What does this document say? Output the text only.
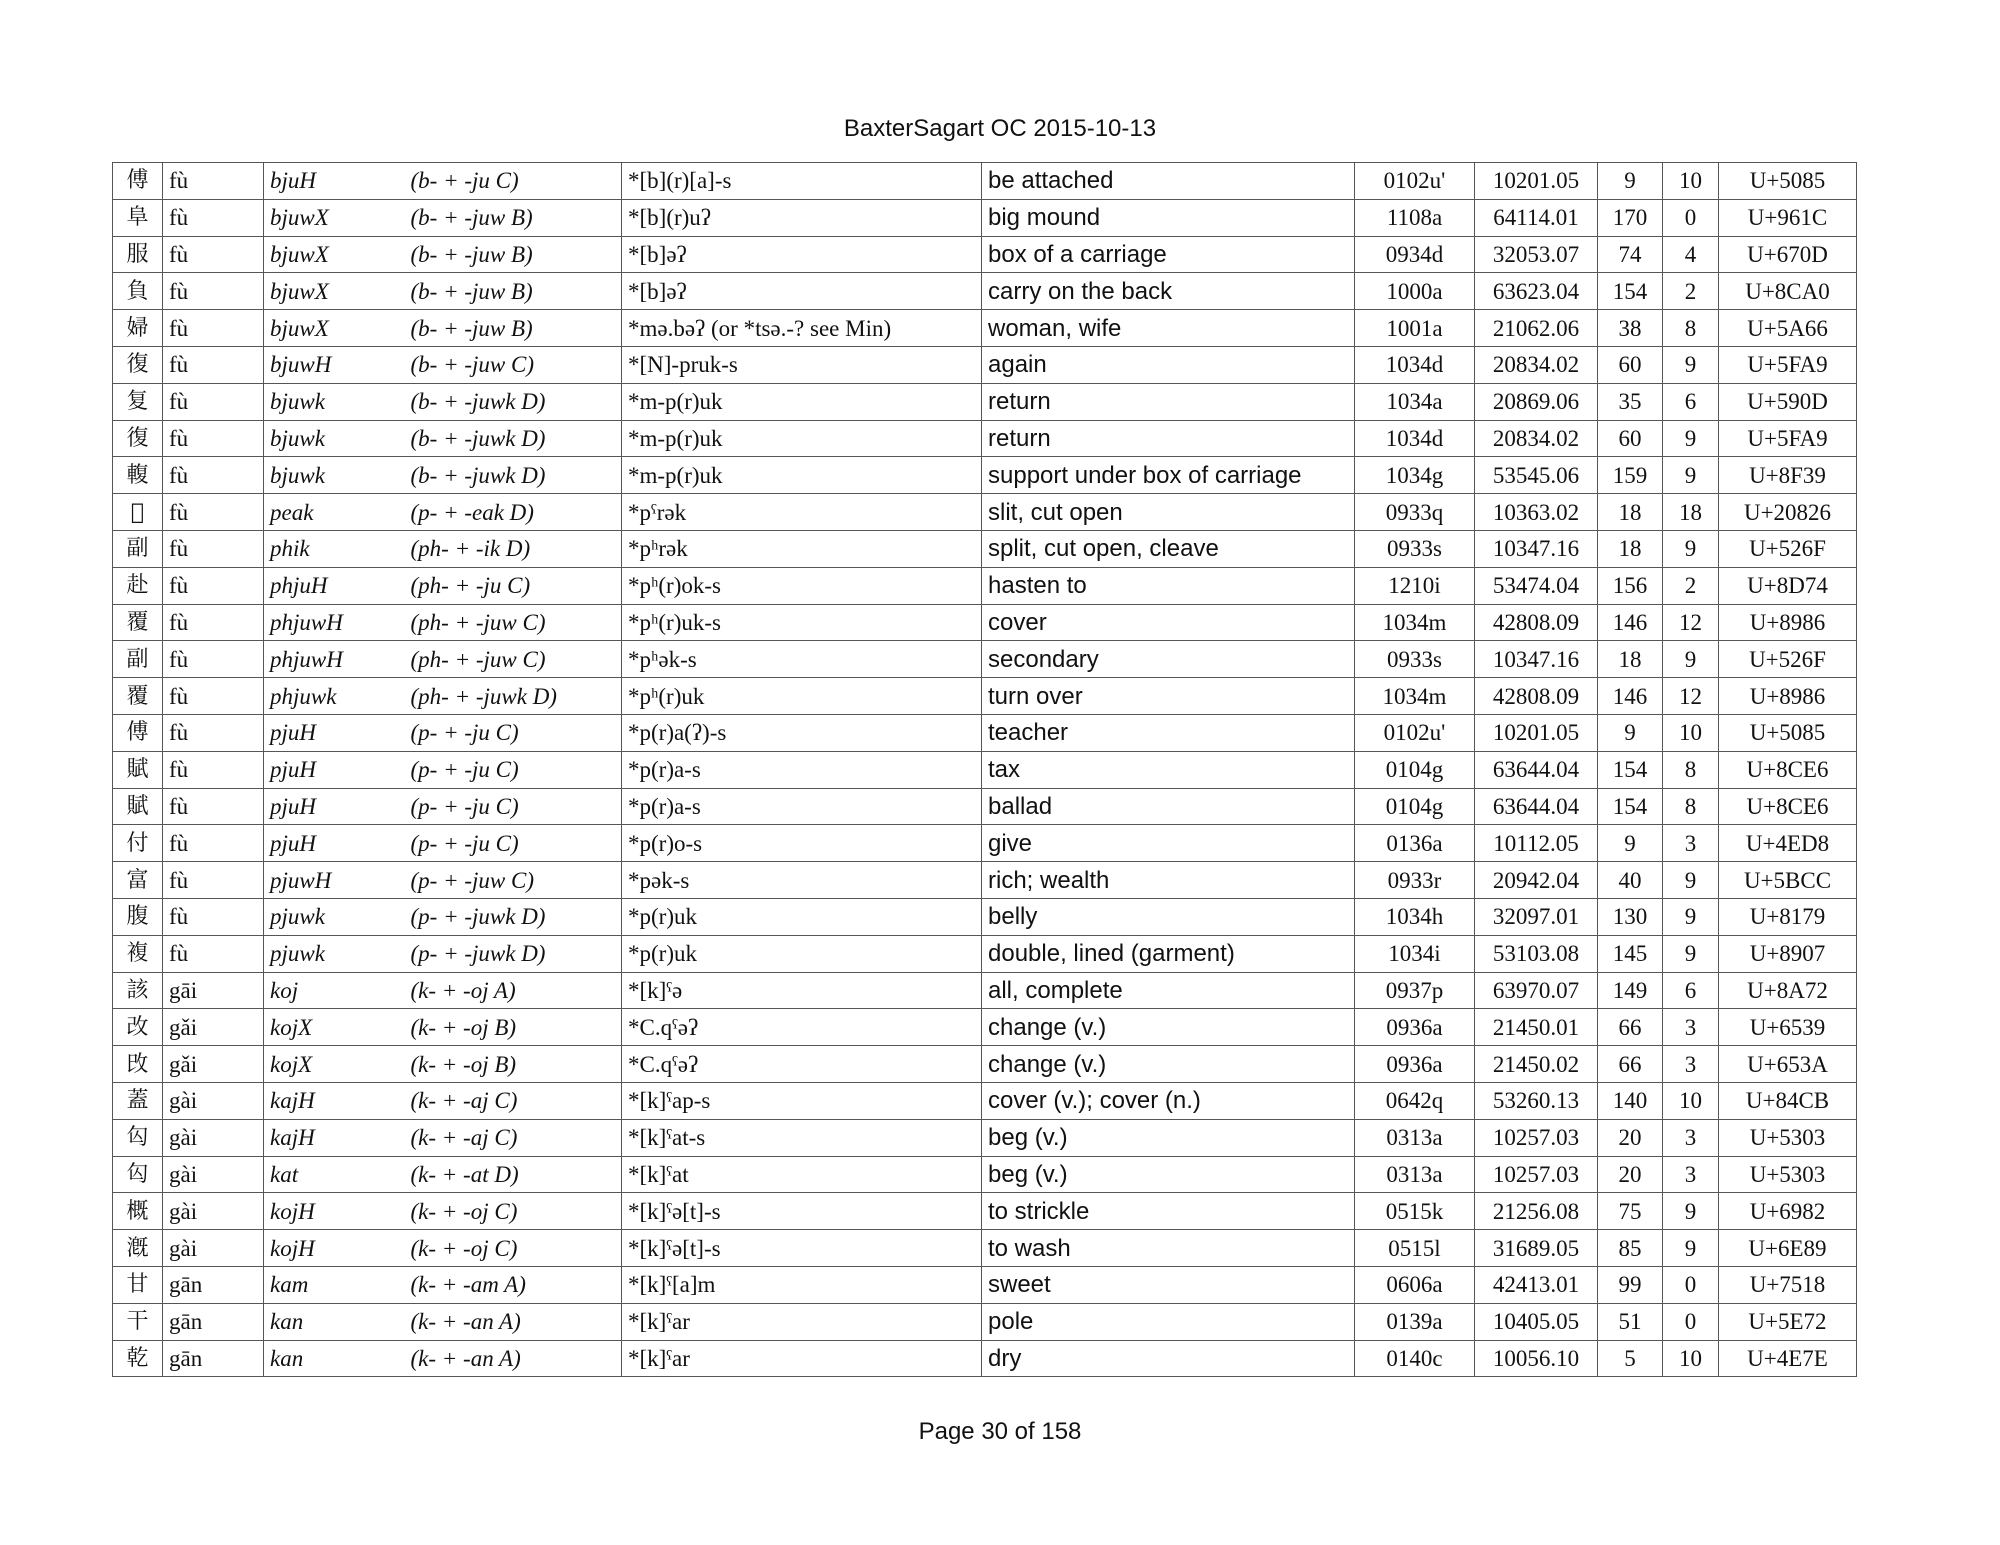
BaxterSagart OC 2015-10-13
傅	fù	bjuH	(b- + -ju C)	*[b](r)[a]-s	be attached	0102u'	10201.05	9	10	U+5085
阜	fù	bjuwX	(b- + -juw B)	*[b](r)uʔ	big mound	1108a	64114.01	170	0	U+961C
服	fù	bjuwX	(b- + -juw B)	*[b]əʔ	box of a carriage	0934d	32053.07	74	4	U+670D
負	fù	bjuwX	(b- + -juw B)	*[b]əʔ	carry on the back	1000a	63623.04	154	2	U+8CA0
婦	fù	bjuwX	(b- + -juw B)	*mə.bəʔ (or *tsə.-? see Min)	woman, wife	1001a	21062.06	38	8	U+5A66
復	fù	bjuwH	(b- + -juw C)	*[N]-pruk-s	again	1034d	20834.02	60	9	U+5FA9
复	fù	bjuwk	(b- + -juwk D)	*m-p(r)uk	return	1034a	20869.06	35	6	U+590D
復	fù	bjuwk	(b- + -juwk D)	*m-p(r)uk	return	1034d	20834.02	60	9	U+5FA9
輹	fù	bjuwk	(b- + -juwk D)	*m-p(r)uk	support under box of carriage	1034g	53545.06	159	9	U+8F39
𠠦	fù	peak	(p- + -eak D)	*pˤrək	slit, cut open	0933q	10363.02	18	18	U+20826
副	fù	phik	(ph- + -ik D)	*pʰrək	split, cut open, cleave	0933s	10347.16	18	9	U+526F
赴	fù	phjuH	(ph- + -ju C)	*pʰ(r)ok-s	hasten to	1210i	53474.04	156	2	U+8D74
覆	fù	phjuwH	(ph- + -juw C)	*pʰ(r)uk-s	cover	1034m	42808.09	146	12	U+8986
副	fù	phjuwH	(ph- + -juw C)	*pʰək-s	secondary	0933s	10347.16	18	9	U+526F
覆	fù	phjuwk	(ph- + -juwk D)	*pʰ(r)uk	turn over	1034m	42808.09	146	12	U+8986
傅	fù	pjuH	(p- + -ju C)	*p(r)a(ʔ)-s	teacher	0102u'	10201.05	9	10	U+5085
賦	fù	pjuH	(p- + -ju C)	*p(r)a-s	tax	0104g	63644.04	154	8	U+8CE6
賦	fù	pjuH	(p- + -ju C)	*p(r)a-s	ballad	0104g	63644.04	154	8	U+8CE6
付	fù	pjuH	(p- + -ju C)	*p(r)o-s	give	0136a	10112.05	9	3	U+4ED8
富	fù	pjuwH	(p- + -juw C)	*pək-s	rich; wealth	0933r	20942.04	40	9	U+5BCC
腹	fù	pjuwk	(p- + -juwk D)	*p(r)uk	belly	1034h	32097.01	130	9	U+8179
複	fù	pjuwk	(p- + -juwk D)	*p(r)uk	double, lined (garment)	1034i	53103.08	145	9	U+8907
該	gāi	koj	(k- + -oj A)	*[k]ˤə	all, complete	0937p	63970.07	149	6	U+8A72
改	gǎi	kojX	(k- + -oj B)	*C.qˤəʔ	change (v.)	0936a	21450.01	66	3	U+6539
攺	gǎi	kojX	(k- + -oj B)	*C.qˤəʔ	change (v.)	0936a	21450.02	66	3	U+653A
蓋	gài	kajH	(k- + -aj C)	*[k]ˤap-s	cover (v.); cover (n.)	0642q	53260.13	140	10	U+84CB
匃	gài	kajH	(k- + -aj C)	*[k]ˤat-s	beg (v.)	0313a	10257.03	20	3	U+5303
匃	gài	kat	(k- + -at D)	*[k]ˤat	beg (v.)	0313a	10257.03	20	3	U+5303
概	gài	kojH	(k- + -oj C)	*[k]ˤə[t]-s	to strickle	0515k	21256.08	75	9	U+6982
漑	gài	kojH	(k- + -oj C)	*[k]ˤə[t]-s	to wash	0515l	31689.05	85	9	U+6E89
甘	gān	kam	(k- + -am A)	*[k]ˤ[a]m	sweet	0606a	42413.01	99	0	U+7518
干	gān	kan	(k- + -an A)	*[k]ˤar	pole	0139a	10405.05	51	0	U+5E72
乾	gān	kan	(k- + -an A)	*[k]ˤar	dry	0140c	10056.10	5	10	U+4E7E
Page 30 of 158
